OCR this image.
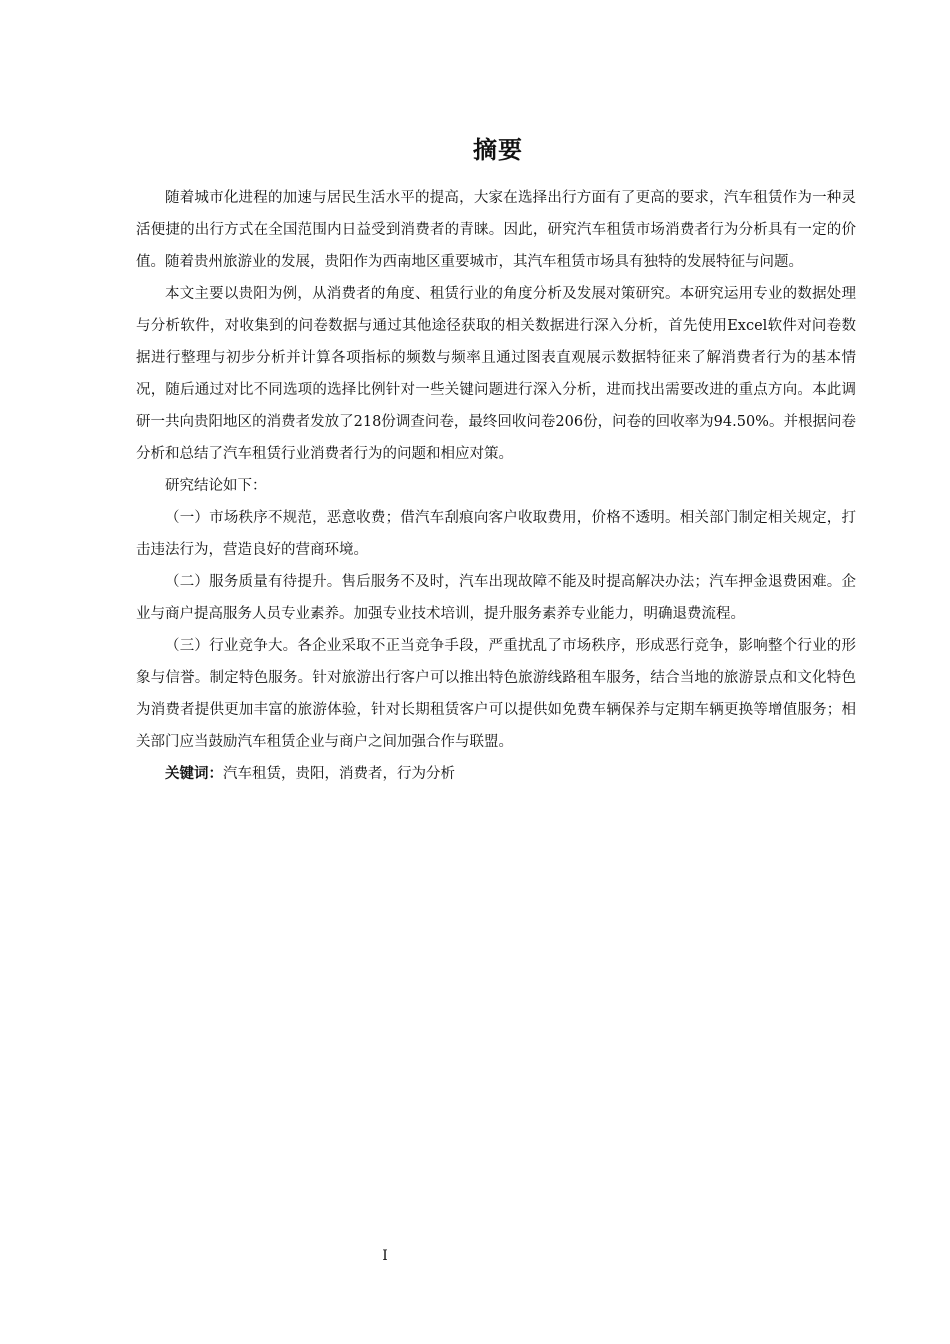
摘要

随着城市化进程的加速与居民生活水平的提高，大家在选择出行方面有了更高的要求，汽车租赁作为一种灵活便捷的出行方式在全国范围内日益受到消费者的青睐。因此，研究汽车租赁市场消费者行为分析具有一定的价值。随着贵州旅游业的发展，贵阳作为西南地区重要城市，其汽车租赁市场具有独特的发展特征与问题。

本文主要以贵阳为例，从消费者的角度、租赁行业的角度分析及发展对策研究。本研究运用专业的数据处理与分析软件，对收集到的问卷数据与通过其他途径获取的相关数据进行深入分析，首先使用Excel软件对问卷数据进行整理与初步分析并计算各项指标的频数与频率且通过图表直观展示数据特征来了解消费者行为的基本情况，随后通过对比不同选项的选择比例针对一些关键问题进行深入分析，进而找出需要改进的重点方向。本此调研一共向贵阳地区的消费者发放了218份调查问卷，最终回收问卷206份，问卷的回收率为94.50%。并根据问卷分析和总结了汽车租赁行业消费者行为的问题和相应对策。

研究结论如下：

（一）市场秩序不规范，恶意收费；借汽车刮痕向客户收取费用，价格不透明。相关部门制定相关规定，打击违法行为，营造良好的营商环境。

（二）服务质量有待提升。售后服务不及时，汽车出现故障不能及时提高解决办法；汽车押金退费困难。企业与商户提高服务人员专业素养。加强专业技术培训，提升服务素养专业能力，明确退费流程。

（三）行业竞争大。各企业采取不正当竞争手段，严重扰乱了市场秩序，形成恶行竞争，影响整个行业的形象与信誉。制定特色服务。针对旅游出行客户可以推出特色旅游线路租车服务，结合当地的旅游景点和文化特色为消费者提供更加丰富的旅游体验，针对长期租赁客户可以提供如免费车辆保养与定期车辆更换等增值服务；相关部门应当鼓励汽车租赁企业与商户之间加强合作与联盟。

关键词：汽车租赁，贵阳，消费者，行为分析

I
